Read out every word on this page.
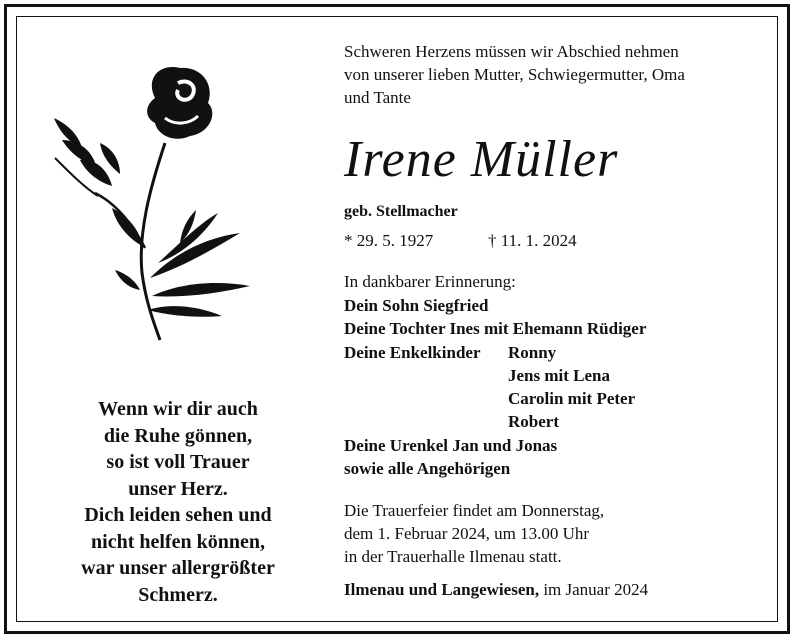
Wenn wir dir auch
die Ruhe gönnen,
so ist voll Trauer
unser Herz.
Dich leiden sehen und
nicht helfen können,
war unser allergrößter
Schmerz.
Schweren Herzens müssen wir Abschied nehmen
von unserer lieben Mutter, Schwiegermutter, Oma
und Tante
Irene Müller
geb. Stellmacher
* 29. 5. 1927	† 11. 1. 2024
In dankbarer Erinnerung:
Dein Sohn Siegfried
Deine Tochter Ines mit Ehemann Rüdiger
Deine Enkelkinder Ronny
Jens mit Lena
Carolin mit Peter
Robert
Deine Urenkel Jan und Jonas
sowie alle Angehörigen
Die Trauerfeier findet am Donnerstag,
dem 1. Februar 2024, um 13.00 Uhr
in der Trauerhalle Ilmenau statt.
Ilmenau und Langewiesen, im Januar 2024
